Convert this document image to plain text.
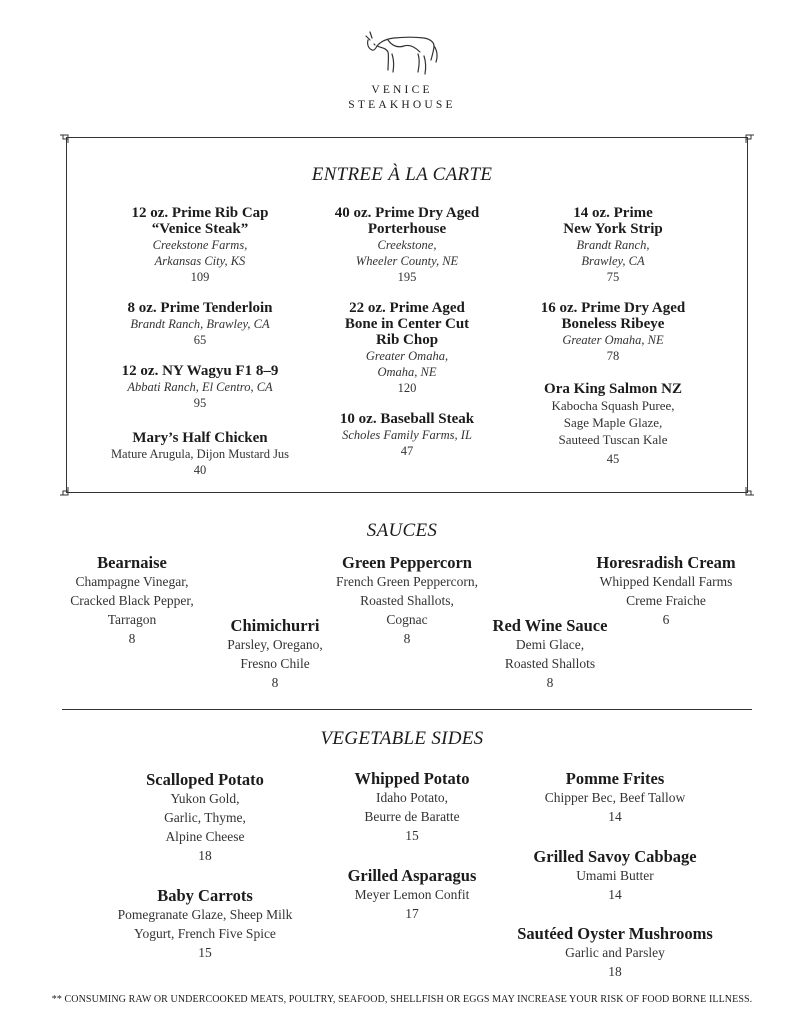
VENICE
STEAKHOUSE
ENTREE À LA CARTE
12 oz. Prime Rib Cap
“Venice Steak”
Creekstone Farms,
Arkansas City, KS
109
8 oz. Prime Tenderloin
Brandt Ranch, Brawley, CA
65
12 oz. NY Wagyu F1 8–9
Abbati Ranch, El Centro, CA
95
Mary’s Half Chicken
Mature Arugula, Dijon Mustard Jus
40
40 oz. Prime Dry Aged
Porterhouse
Creekstone,
Wheeler County, NE
195
22 oz. Prime Aged
Bone in Center Cut
Rib Chop
Greater Omaha,
Omaha, NE
120
10 oz. Baseball Steak
Scholes Family Farms, IL
47
14 oz. Prime
New York Strip
Brandt Ranch,
Brawley, CA
75
16 oz. Prime Dry Aged
Boneless Ribeye
Greater Omaha, NE
78
Ora King Salmon NZ
Kabocha Squash Puree,
Sage Maple Glaze,
Sauteed Tuscan Kale
45
SAUCES
Bearnaise
Champagne Vinegar,
Cracked Black Pepper,
Tarragon
8
Chimichurri
Parsley, Oregano,
Fresno Chile
8
Green Peppercorn
French Green Peppercorn,
Roasted Shallots,
Cognac
8
Red Wine Sauce
Demi Glace,
Roasted Shallots
8
Horesradish Cream
Whipped Kendall Farms
Creme Fraiche
6
VEGETABLE SIDES
Scalloped Potato
Yukon Gold,
Garlic, Thyme,
Alpine Cheese
18
Baby Carrots
Pomegranate Glaze, Sheep Milk
Yogurt, French Five Spice
15
Whipped Potato
Idaho Potato,
Beurre de Baratte
15
Grilled Asparagus
Meyer Lemon Confit
17
Pomme Frites
Chipper Bec, Beef Tallow
14
Grilled Savoy Cabbage
Umami Butter
14
Sautéed Oyster Mushrooms
Garlic and Parsley
18
** CONSUMING RAW OR UNDERCOOKED MEATS, POULTRY, SEAFOOD, SHELLFISH OR EGGS MAY INCREASE YOUR RISK OF FOOD BORNE ILLNESS.
